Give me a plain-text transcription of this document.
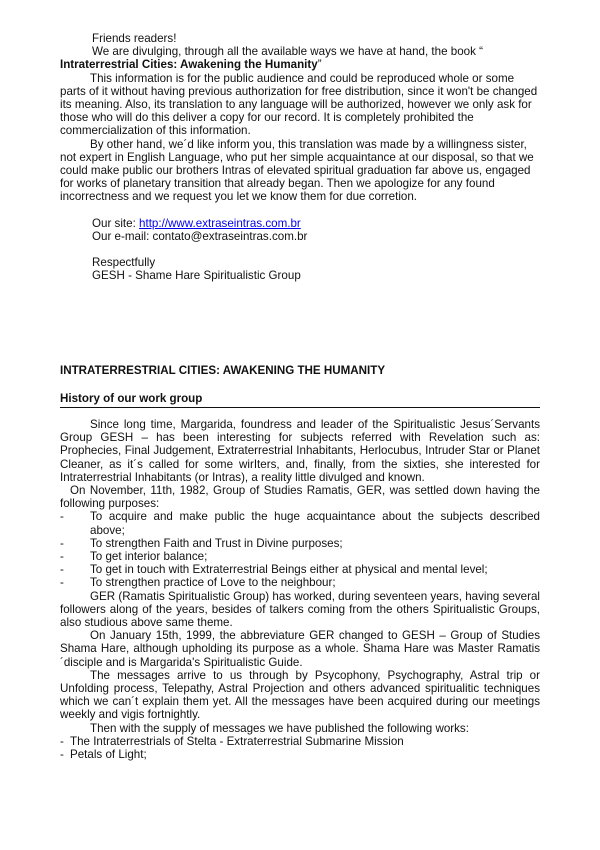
Friends readers!

We are divulging, through all the available ways we have at hand, the book “

Intraterrestrial Cities: Awakening the Humanity”

This information is for the public audience and could be reproduced whole or some parts of it without having previous authorization for free distribution, since it won't be changed its meaning. Also, its translation to any language will be authorized, however we only ask for those who will do this deliver a copy for our record. It is completely prohibited the commercialization of this information.

By other hand, we´d like inform you, this translation was made by a willingness sister, not expert in English Language, who put her simple acquaintance at our disposal, so that we could make public our brothers Intras of elevated spiritual graduation far above us, engaged for works of planetary transition that already began. Then we apologize for any found incorrectness and we request you let we know them for due corretion.

Our site: http://www.extraseintras.com.br

Our e-mail: contato@extraseintras.com.br

Respectfully

GESH - Shame Hare Spiritualistic Group

INTRATERRESTRIAL CITIES: AWAKENING THE HUMANITY
History of our work group

Since long time, Margarida, foundress and leader of the Spiritualistic Jesus´Servants Group GESH – has been interesting for subjects referred with Revelation such as: Prophecies, Final Judgement, Extraterrestrial Inhabitants, Herlocubus, Intruder Star or Planet Cleaner, as it´s called for some wirIters, and, finally, from the sixties, she interested for Intraterrestrial Inhabitants (or Intras), a reality little divulged and known.

On November, 11th, 1982, Group of Studies Ramatis, GER, was settled down having the following purposes:

-	To acquire and make public the huge acquaintance about the subjects described above;
-	To strengthen Faith and Trust in Divine purposes;
-	To get interior balance;
-	To get in touch with Extraterrestrial Beings either at physical and mental level;
-	To strengthen practice of Love to the neighbour;

GER (Ramatis Spiritualistic Group) has worked, during seventeen years, having several followers along of the years, besides of talkers coming from the others Spiritualistic Groups, also studious above same theme.

On January 15th, 1999, the abbreviature GER changed to GESH – Group of Studies Shama Hare, although upholding its purpose as a whole. Shama Hare was Master Ramatis´disciple and is Margarida's Spiritualistic Guide.

The messages arrive to us through by Psycophony, Psychography, Astral trip or Unfolding process, Telepathy, Astral Projection and others advanced spiritualitic techniques which we can´t explain them yet. All the messages have been acquired during our meetings weekly and vigis fortnightly.

Then with the supply of messages we have published the following works:

- The Intraterrestrials of Stelta - Extraterrestrial Submarine Mission
- Petals of Light;
